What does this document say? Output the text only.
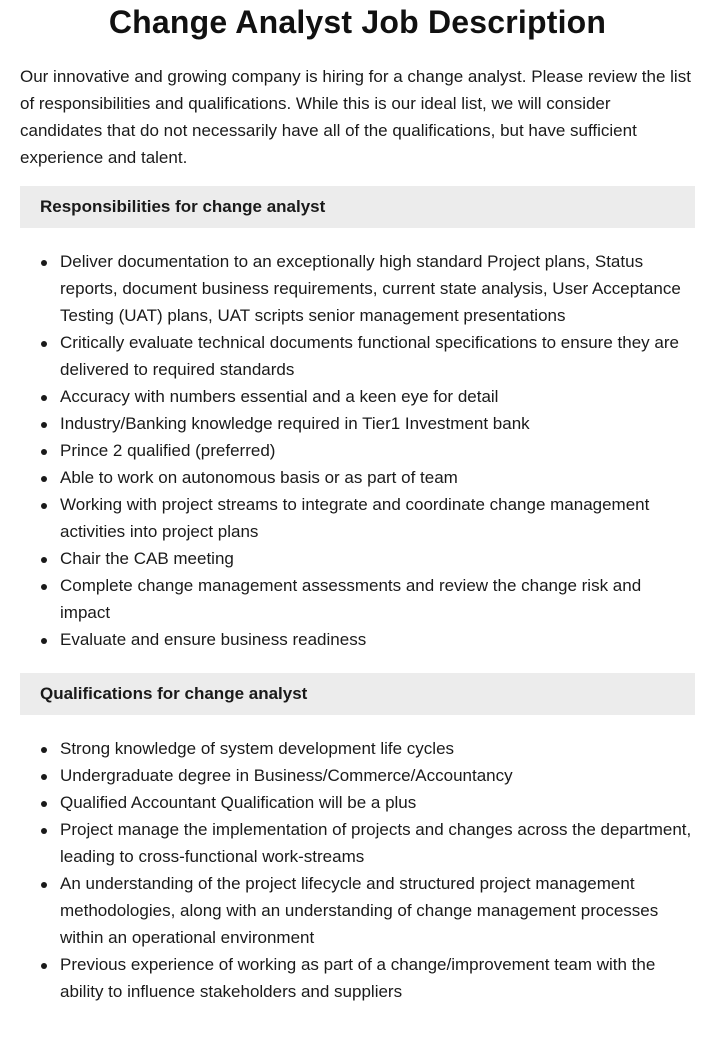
Change Analyst Job Description

Our innovative and growing company is hiring for a change analyst. Please review the list of responsibilities and qualifications. While this is our ideal list, we will consider candidates that do not necessarily have all of the qualifications, but have sufficient experience and talent.

Responsibilities for change analyst
Deliver documentation to an exceptionally high standard Project plans, Status reports, document business requirements, current state analysis, User Acceptance Testing (UAT) plans, UAT scripts senior management presentations
Critically evaluate technical documents functional specifications to ensure they are delivered to required standards
Accuracy with numbers essential and a keen eye for detail
Industry/Banking knowledge required in Tier1 Investment bank
Prince 2 qualified (preferred)
Able to work on autonomous basis or as part of team
Working with project streams to integrate and coordinate change management activities into project plans
Chair the CAB meeting
Complete change management assessments and review the change risk and impact
Evaluate and ensure business readiness
Qualifications for change analyst
Strong knowledge of system development life cycles
Undergraduate degree in Business/Commerce/Accountancy
Qualified Accountant Qualification will be a plus
Project manage the implementation of projects and changes across the department, leading to cross-functional work-streams
An understanding of the project lifecycle and structured project management methodologies, along with an understanding of change management processes within an operational environment
Previous experience of working as part of a change/improvement team with the ability to influence stakeholders and suppliers
